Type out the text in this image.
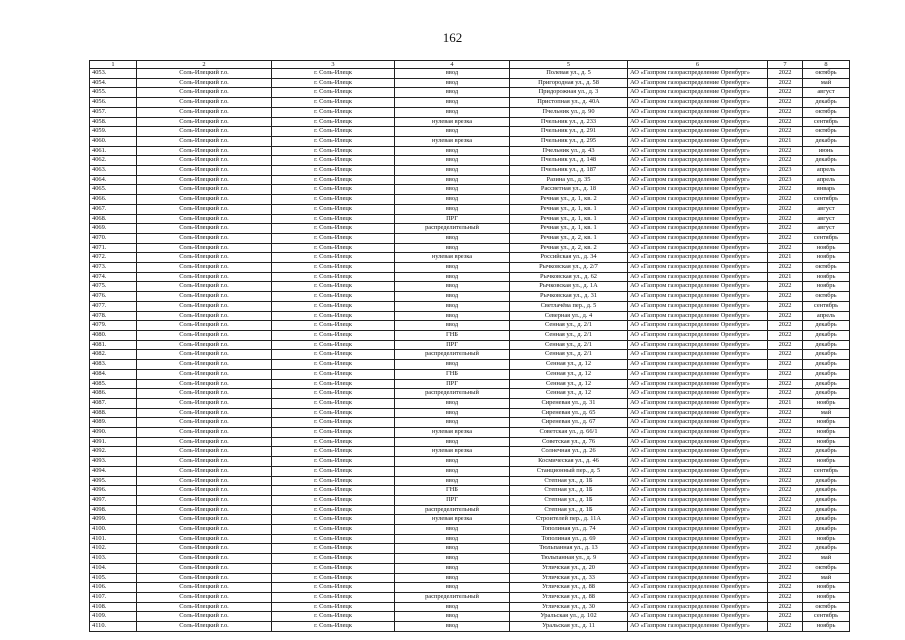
162
1	2	3	4	5	6	7	8
4053.	Соль-Илецкий г.о.	г. Соль-Илецк	ввод	Полевая ул., д. 5	АО «Газпром газораспределение Оренбург»	2022	октябрь
4054.	Соль-Илецкий г.о.	г. Соль-Илецк	ввод	Пригородная ул., д. 58	АО «Газпром газораспределение Оренбург»	2022	май
4055.	Соль-Илецкий г.о.	г. Соль-Илецк	ввод	Придорожная ул., д. 3	АО «Газпром газораспределение Оренбург»	2022	август
4056.	Соль-Илецкий г.о.	г. Соль-Илецк	ввод	Пристопная ул., д. 40А	АО «Газпром газораспределение Оренбург»	2022	декабрь
4057.	Соль-Илецкий г.о.	г. Соль-Илецк	ввод	Пчельник ул., д. 90	АО «Газпром газораспределение Оренбург»	2022	октябрь
4058.	Соль-Илецкий г.о.	г. Соль-Илецк	нулевая врезка	Пчельник ул., д. 233	АО «Газпром газораспределение Оренбург»	2022	сентябрь
4059.	Соль-Илецкий г.о.	г. Соль-Илецк	ввод	Пчельник ул., д. 291	АО «Газпром газораспределение Оренбург»	2022	октябрь
4060.	Соль-Илецкий г.о.	г. Соль-Илецк	нулевая врезка	Пчельник ул., д. 295	АО «Газпром газораспределение Оренбург»	2021	декабрь
4061.	Соль-Илецкий г.о.	г. Соль-Илецк	ввод	Пчельник ул., д. 43	АО «Газпром газораспределение Оренбург»	2022	июнь
4062.	Соль-Илецкий г.о.	г. Соль-Илецк	ввод	Пчельник ул., д. 148	АО «Газпром газораспределение Оренбург»	2022	декабрь
4063.	Соль-Илецкий г.о.	г. Соль-Илецк	ввод	Пчельник ул., д. 187	АО «Газпром газораспределение Оренбург»	2023	апрель
4064.	Соль-Илецкий г.о.	г. Соль-Илецк	ввод	Разина ул., д. 35	АО «Газпром газораспределение Оренбург»	2023	апрель
4065.	Соль-Илецкий г.о.	г. Соль-Илецк	ввод	Рассветная ул., д. 18	АО «Газпром газораспределение Оренбург»	2022	январь
4066.	Соль-Илецкий г.о.	г. Соль-Илецк	ввод	Речная ул., д. 1, кв. 2	АО «Газпром газораспределение Оренбург»	2022	сентябрь
4067.	Соль-Илецкий г.о.	г. Соль-Илецк	ввод	Речная ул., д. 1, кв. 1	АО «Газпром газораспределение Оренбург»	2022	август
4068.	Соль-Илецкий г.о.	г. Соль-Илецк	ПРГ	Речная ул., д. 1, кв. 1	АО «Газпром газораспределение Оренбург»	2022	август
4069.	Соль-Илецкий г.о.	г. Соль-Илецк	распределительный	Речная ул., д. 1, кв. 1	АО «Газпром газораспределение Оренбург»	2022	август
4070.	Соль-Илецкий г.о.	г. Соль-Илецк	ввод	Речная ул., д. 2, кв. 1	АО «Газпром газораспределение Оренбург»	2022	сентябрь
4071.	Соль-Илецкий г.о.	г. Соль-Илецк	ввод	Речная ул., д. 2, кв. 2	АО «Газпром газораспределение Оренбург»	2022	ноябрь
4072.	Соль-Илецкий г.о.	г. Соль-Илецк	нулевая врезка	Российская ул., д. 34	АО «Газпром газораспределение Оренбург»	2021	ноябрь
4073.	Соль-Илецкий г.о.	г. Соль-Илецк	ввод	Рычковская ул., д. 2/7	АО «Газпром газораспределение Оренбург»	2022	октябрь
4074.	Соль-Илецкий г.о.	г. Соль-Илецк	ввод	Рычковская ул., д. 62	АО «Газпром газораспределение Оренбург»	2021	ноябрь
4075.	Соль-Илецкий г.о.	г. Соль-Илецк	ввод	Рычковская ул., д. 1А	АО «Газпром газораспределение Оренбург»	2022	ноябрь
4076.	Соль-Илецкий г.о.	г. Соль-Илецк	ввод	Рычковская ул., д. 31	АО «Газпром газораспределение Оренбург»	2022	октябрь
4077.	Соль-Илецкий г.о.	г. Соль-Илецк	ввод	Светлачёва пер., д. 5	АО «Газпром газораспределение Оренбург»	2022	сентябрь
4078.	Соль-Илецкий г.о.	г. Соль-Илецк	ввод	Северная ул., д. 4	АО «Газпром газораспределение Оренбург»	2022	апрель
4079.	Соль-Илецкий г.о.	г. Соль-Илецк	ввод	Сенная ул., д. 2/1	АО «Газпром газораспределение Оренбург»	2022	декабрь
4080.	Соль-Илецкий г.о.	г. Соль-Илецк	ГНБ	Сенная ул., д. 2/1	АО «Газпром газораспределение Оренбург»	2022	декабрь
4081.	Соль-Илецкий г.о.	г. Соль-Илецк	ПРГ	Сенная ул., д. 2/1	АО «Газпром газораспределение Оренбург»	2022	декабрь
4082.	Соль-Илецкий г.о.	г. Соль-Илецк	распределительный	Сенная ул., д. 2/1	АО «Газпром газораспределение Оренбург»	2022	декабрь
4083.	Соль-Илецкий г.о.	г. Соль-Илецк	ввод	Сенная ул., д. 12	АО «Газпром газораспределение Оренбург»	2022	декабрь
4084.	Соль-Илецкий г.о.	г. Соль-Илецк	ГНБ	Сенная ул., д. 12	АО «Газпром газораспределение Оренбург»	2022	декабрь
4085.	Соль-Илецкий г.о.	г. Соль-Илецк	ПРГ	Сенная ул., д. 12	АО «Газпром газораспределение Оренбург»	2022	декабрь
4086.	Соль-Илецкий г.о.	г. Соль-Илецк	распределительный	Сенная ул., д. 12	АО «Газпром газораспределение Оренбург»	2022	декабрь
4087.	Соль-Илецкий г.о.	г. Соль-Илецк	ввод	Сиреневая ул., д. 31	АО «Газпром газораспределение Оренбург»	2021	ноябрь
4088.	Соль-Илецкий г.о.	г. Соль-Илецк	ввод	Сиреневая ул., д. 65	АО «Газпром газораспределение Оренбург»	2022	май
4089.	Соль-Илецкий г.о.	г. Соль-Илецк	ввод	Сиреневая ул., д. 67	АО «Газпром газораспределение Оренбург»	2022	ноябрь
4090.	Соль-Илецкий г.о.	г. Соль-Илецк	нулевая врезка	Советская ул., д. 66/1	АО «Газпром газораспределение Оренбург»	2022	ноябрь
4091.	Соль-Илецкий г.о.	г. Соль-Илецк	ввод	Советская ул., д. 76	АО «Газпром газораспределение Оренбург»	2022	ноябрь
4092.	Соль-Илецкий г.о.	г. Соль-Илецк	нулевая врезка	Солнечная ул., д. 26	АО «Газпром газораспределение Оренбург»	2022	декабрь
4093.	Соль-Илецкий г.о.	г. Соль-Илецк	ввод	Космическая ул., д. 46	АО «Газпром газораспределение Оренбург»	2022	ноябрь
4094.	Соль-Илецкий г.о.	г. Соль-Илецк	ввод	Станционный пер., д. 5	АО «Газпром газораспределение Оренбург»	2022	сентябрь
4095.	Соль-Илецкий г.о.	г. Соль-Илецк	ввод	Степная ул., д. 1Б	АО «Газпром газораспределение Оренбург»	2022	декабрь
4096.	Соль-Илецкий г.о.	г. Соль-Илецк	ГНБ	Степная ул., д. 1Б	АО «Газпром газораспределение Оренбург»	2022	декабрь
4097.	Соль-Илецкий г.о.	г. Соль-Илецк	ПРГ	Степная ул., д. 1Б	АО «Газпром газораспределение Оренбург»	2022	декабрь
4098.	Соль-Илецкий г.о.	г. Соль-Илецк	распределительный	Степная ул., д. 1Б	АО «Газпром газораспределение Оренбург»	2022	декабрь
4099.	Соль-Илецкий г.о.	г. Соль-Илецк	нулевая врезка	Строителей пер., д. 11А	АО «Газпром газораспределение Оренбург»	2021	декабрь
4100.	Соль-Илецкий г.о.	г. Соль-Илецк	ввод	Тополиная ул., д. 74	АО «Газпром газораспределение Оренбург»	2021	декабрь
4101.	Соль-Илецкий г.о.	г. Соль-Илецк	ввод	Тополиная ул., д. 69	АО «Газпром газораспределение Оренбург»	2021	ноябрь
4102.	Соль-Илецкий г.о.	г. Соль-Илецк	ввод	Тюльпанная ул., д. 13	АО «Газпром газораспределение Оренбург»	2022	декабрь
4103.	Соль-Илецкий г.о.	г. Соль-Илецк	ввод	Тюльпанная ул., д. 9	АО «Газпром газораспределение Оренбург»	2022	май
4104.	Соль-Илецкий г.о.	г. Соль-Илецк	ввод	Угличская ул., д. 20	АО «Газпром газораспределение Оренбург»	2022	октябрь
4105.	Соль-Илецкий г.о.	г. Соль-Илецк	ввод	Угличская ул., д. 33	АО «Газпром газораспределение Оренбург»	2022	май
4106.	Соль-Илецкий г.о.	г. Соль-Илецк	ввод	Угличская ул., д. 88	АО «Газпром газораспределение Оренбург»	2022	ноябрь
4107.	Соль-Илецкий г.о.	г. Соль-Илецк	распределительный	Угличская ул., д. 88	АО «Газпром газораспределение Оренбург»	2022	ноябрь
4108.	Соль-Илецкий г.о.	г. Соль-Илецк	ввод	Угличская ул., д. 30	АО «Газпром газораспределение Оренбург»	2022	октябрь
4109.	Соль-Илецкий г.о.	г. Соль-Илецк	ввод	Уральская ул., д. 102	АО «Газпром газораспределение Оренбург»	2022	сентябрь
4110.	Соль-Илецкий г.о.	г. Соль-Илецк	ввод	Уральская ул., д. 11	АО «Газпром газораспределение Оренбург»	2022	ноябрь
